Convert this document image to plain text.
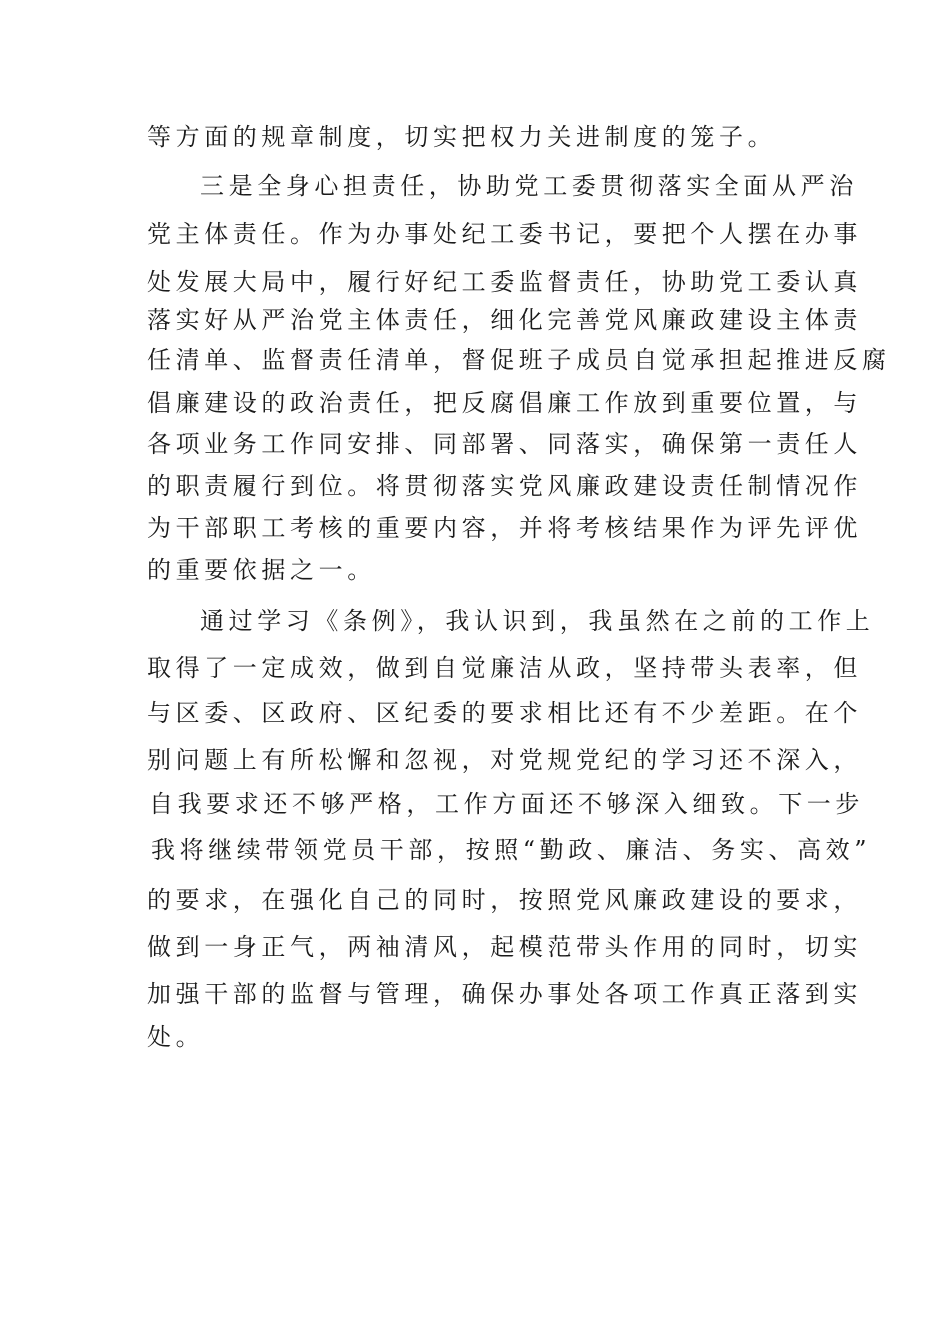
等方面的规章制度，切实把权力关进制度的笼子。
三是全身心担责任，协助党工委贯彻落实全面从严治
党主体责任。作为办事处纪工委书记，要把个人摆在办事
处发展大局中，履行好纪工委监督责任，协助党工委认真
落实好从严治党主体责任，细化完善党风廉政建设主体责
任清单、监督责任清单，督促班子成员自觉承担起推进反腐
倡廉建设的政治责任，把反腐倡廉工作放到重要位置，与
各项业务工作同安排、同部署、同落实，确保第一责任人
的职责履行到位。将贯彻落实党风廉政建设责任制情况作
为干部职工考核的重要内容，并将考核结果作为评先评优
的重要依据之一。
通过学习《条例》，我认识到，我虽然在之前的工作上
取得了一定成效，做到自觉廉洁从政，坚持带头表率，但
与区委、区政府、区纪委的要求相比还有不少差距。在个
别问题上有所松懈和忽视，对党规党纪的学习还不深入，
自我要求还不够严格，工作方面还不够深入细致。下一步
我将继续带领党员干部，按照“勤政、廉洁、务实、高效”
的要求，在强化自己的同时，按照党风廉政建设的要求，
做到一身正气，两袖清风，起模范带头作用的同时，切实
加强干部的监督与管理，确保办事处各项工作真正落到实
处。
